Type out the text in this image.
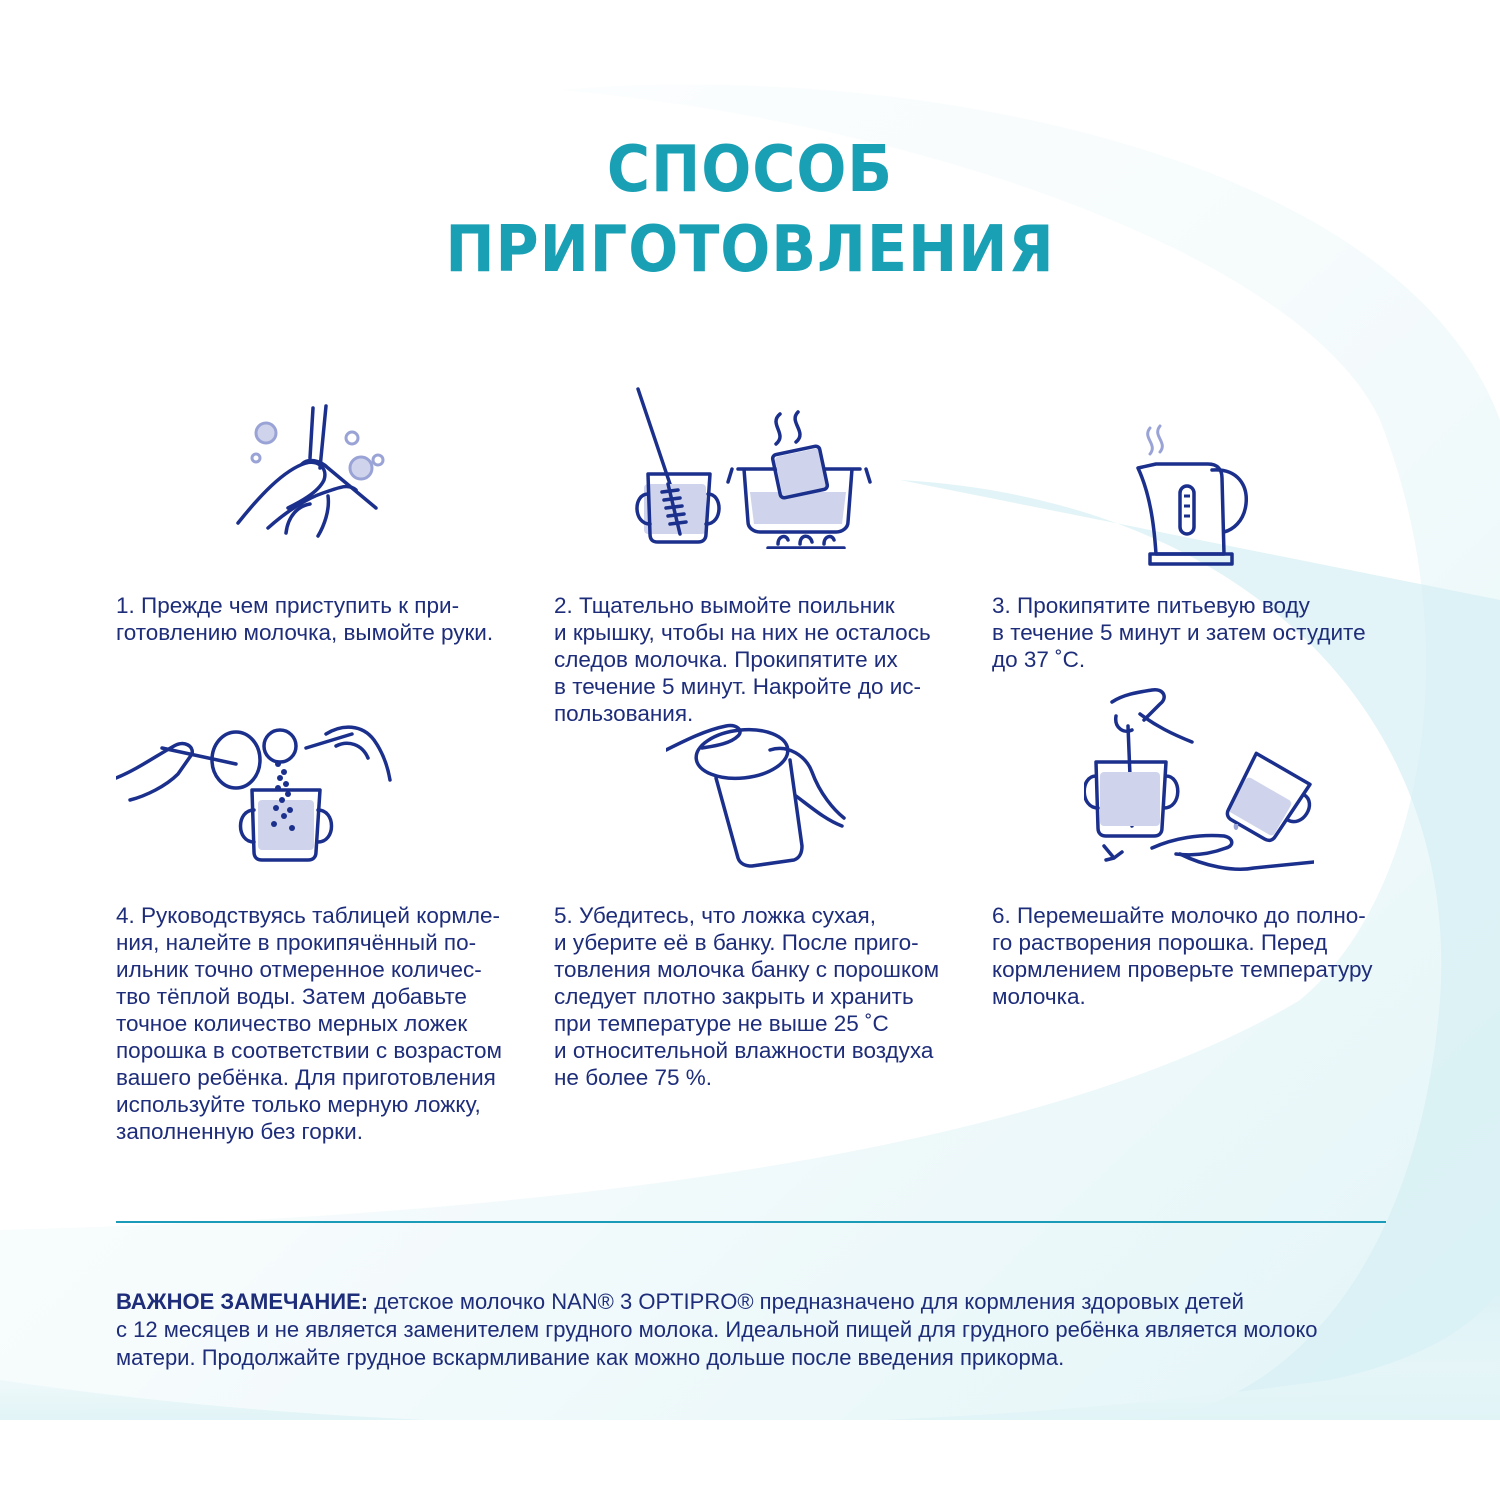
СПОСОБ
ПРИГОТОВЛЕНИЯ
1. Прежде чем приступить к при-
готовлению молочка, вымойте руки.
2. Тщательно вымойте поильник
и крышку, чтобы на них не осталось
следов молочка. Прокипятите их
в течение 5 минут. Накройте до ис-
пользования.
3. Прокипятите питьевую воду
в течение 5 минут и затем остудите
до 37 ˚С.
4. Руководствуясь таблицей кормле-
ния, налейте в прокипячённый по-
ильник точно отмеренное количес-
тво тёплой воды. Затем добавьте
точное количество мерных ложек
порошка в соответствии с возрастом
вашего ребёнка. Для приготовления
используйте только мерную ложку,
заполненную без горки.
5. Убедитесь, что ложка сухая,
и уберите её в банку. После приго-
товления молочка банку с порошком
следует плотно закрыть и хранить
при температуре не выше 25 ˚С
и относительной влажности воздуха
не более 75 %.
6. Перемешайте молочко до полно-
го растворения порошка. Перед
кормлением проверьте температуру
молочка.
ВАЖНОЕ ЗАМЕЧАНИЕ: детское молочко NAN® 3 OPTIPRO® предназначено для кормления здоровых детей
с 12 месяцев и не является заменителем грудного молока. Идеальной пищей для грудного ребёнка является молоко
матери. Продолжайте грудное вскармливание как можно дольше после введения прикорма.
